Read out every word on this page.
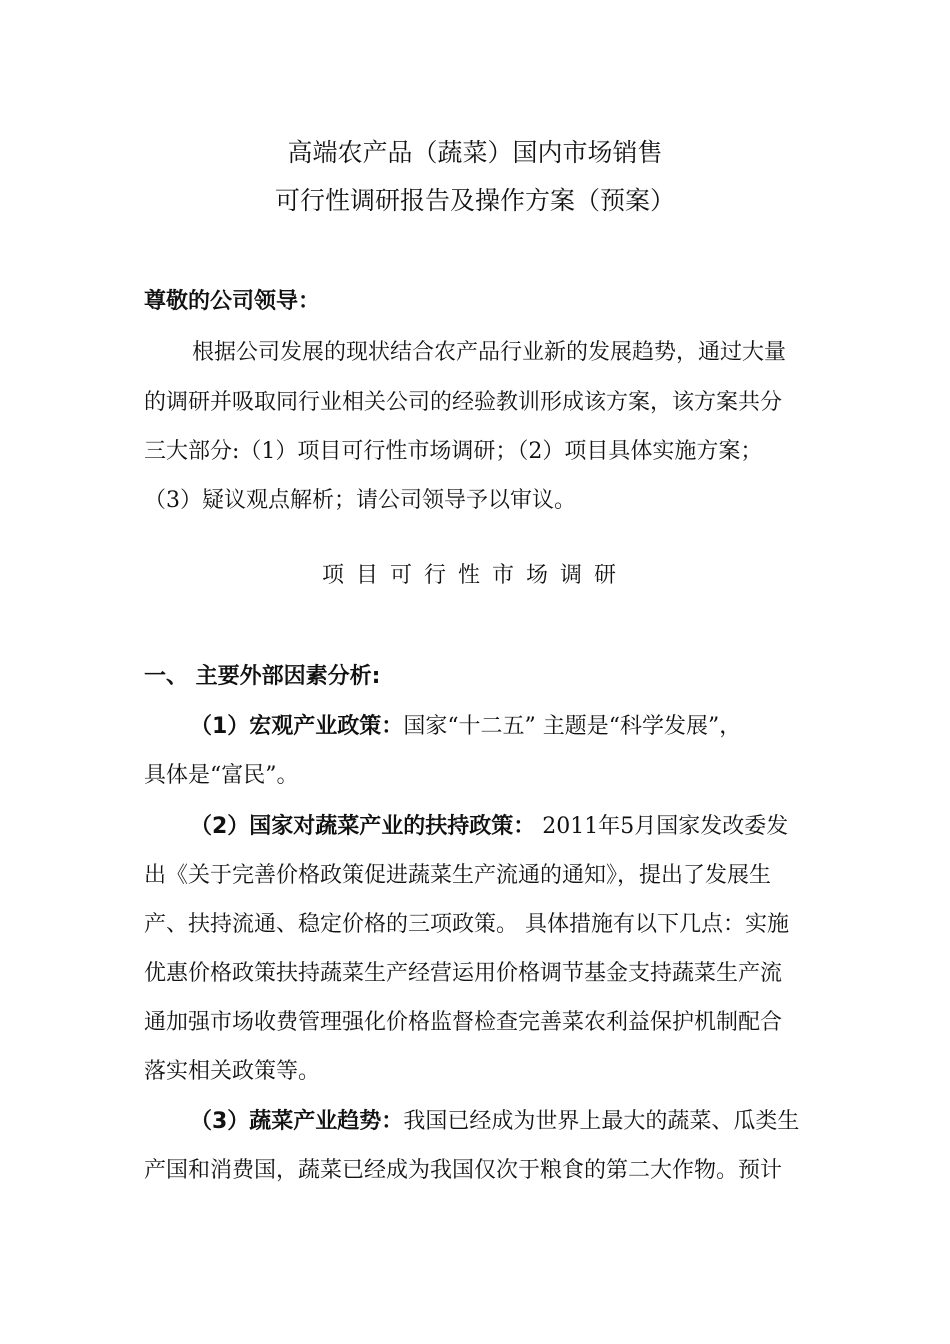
高端农产品（蔬菜）国内市场销售
可行性调研报告及操作方案（预案）
尊敬的公司领导：
根据公司发展的现状结合农产品行业新的发展趋势，通过大量
的调研并吸取同行业相关公司的经验教训形成该方案，该方案共分
三大部分:（1）项目可行性市场调研；（2）项目具体实施方案；
（3）疑议观点解析；请公司领导予以审议。
项目可行性市场调研
一、 主要外部因素分析:
（1）宏观产业政策：国家“十二五” 主题是“科学发展”，
具体是“富民”。
（2）国家对蔬菜产业的扶持政策： 2011年5月国家发改委发
出《关于完善价格政策促进蔬菜生产流通的通知》，提出了发展生
产、扶持流通、稳定价格的三项政策。 具体措施有以下几点：实施
优惠价格政策扶持蔬菜生产经营运用价格调节基金支持蔬菜生产流
通加强市场收费管理强化价格监督检查完善菜农利益保护机制配合
落实相关政策等。
（3）蔬菜产业趋势：我国已经成为世界上最大的蔬菜、瓜类生
产国和消费国，蔬菜已经成为我国仅次于粮食的第二大作物。预计
